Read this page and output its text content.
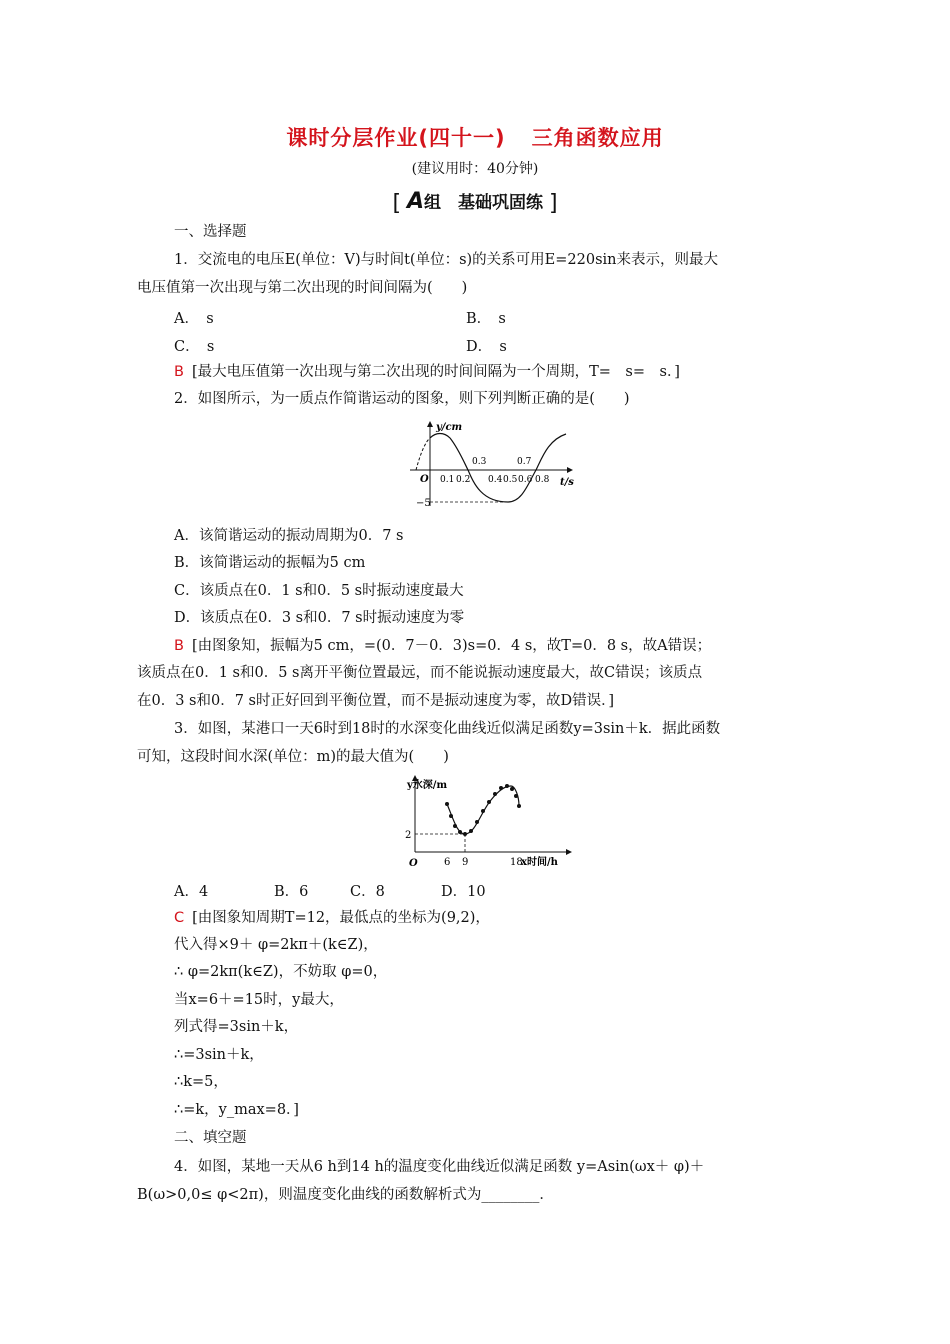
课时分层作业(四十一) 三角函数应用
(建议用时：40分钟)
[ A组　基础巩固练 ]
一、选择题
1．交流电的电压E(单位：V)与时间t(单位：s)的关系可用E=220sin来表示，则最大
电压值第一次出现与第二次出现的时间间隔为(　　)
A．　s	B．　s
C．　s	D．　s
B [最大电压值第一次出现与第二次出现的时间间隔为一个周期，T=　s=　s．]
2．如图所示，为一质点作简谐运动的图象，则下列判断正确的是(　　)
y/cm
t/s
O
−5
0.1 0.2
0.3
0.4 0.5 0.6
0.7
0.8
A．该简谐运动的振动周期为0．7 s
B．该简谐运动的振幅为5 cm
C．该质点在0．1 s和0．5 s时振动速度最大
D．该质点在0．3 s和0．7 s时振动速度为零
B [由图象知，振幅为5 cm，=(0．7－0．3)s=0．4 s，故T=0．8 s，故A错误；
该质点在0．1 s和0．5 s离开平衡位置最远，而不能说振动速度最大，故C错误；该质点
在0．3 s和0．7 s时正好回到平衡位置，而不是振动速度为零，故D错误．]
3．如图，某港口一天6时到18时的水深变化曲线近似满足函数y=3sin＋k．据此函数
可知，这段时间水深(单位：m)的最大值为(　　)
y水深/m
x时间/h
O
2
6 9	18
A．4	B．6	C．8	D．10
C [由图象知周期T=12，最低点的坐标为(9,2)，
代入得×9＋ φ=2kπ＋(k∈Z)，
∴ φ=2kπ(k∈Z)，不妨取 φ=0，
当x=6＋=15时，y最大，
列式得=3sin＋k，
∴=3sin＋k，
∴k=5，
∴=k，y_max=8．]
二、填空题
4．如图，某地一天从6 h到14 h的温度变化曲线近似满足函数 y=Asin(ωx＋ φ)＋
B(ω>0,0≤ φ<2π)，则温度变化曲线的函数解析式为________．
